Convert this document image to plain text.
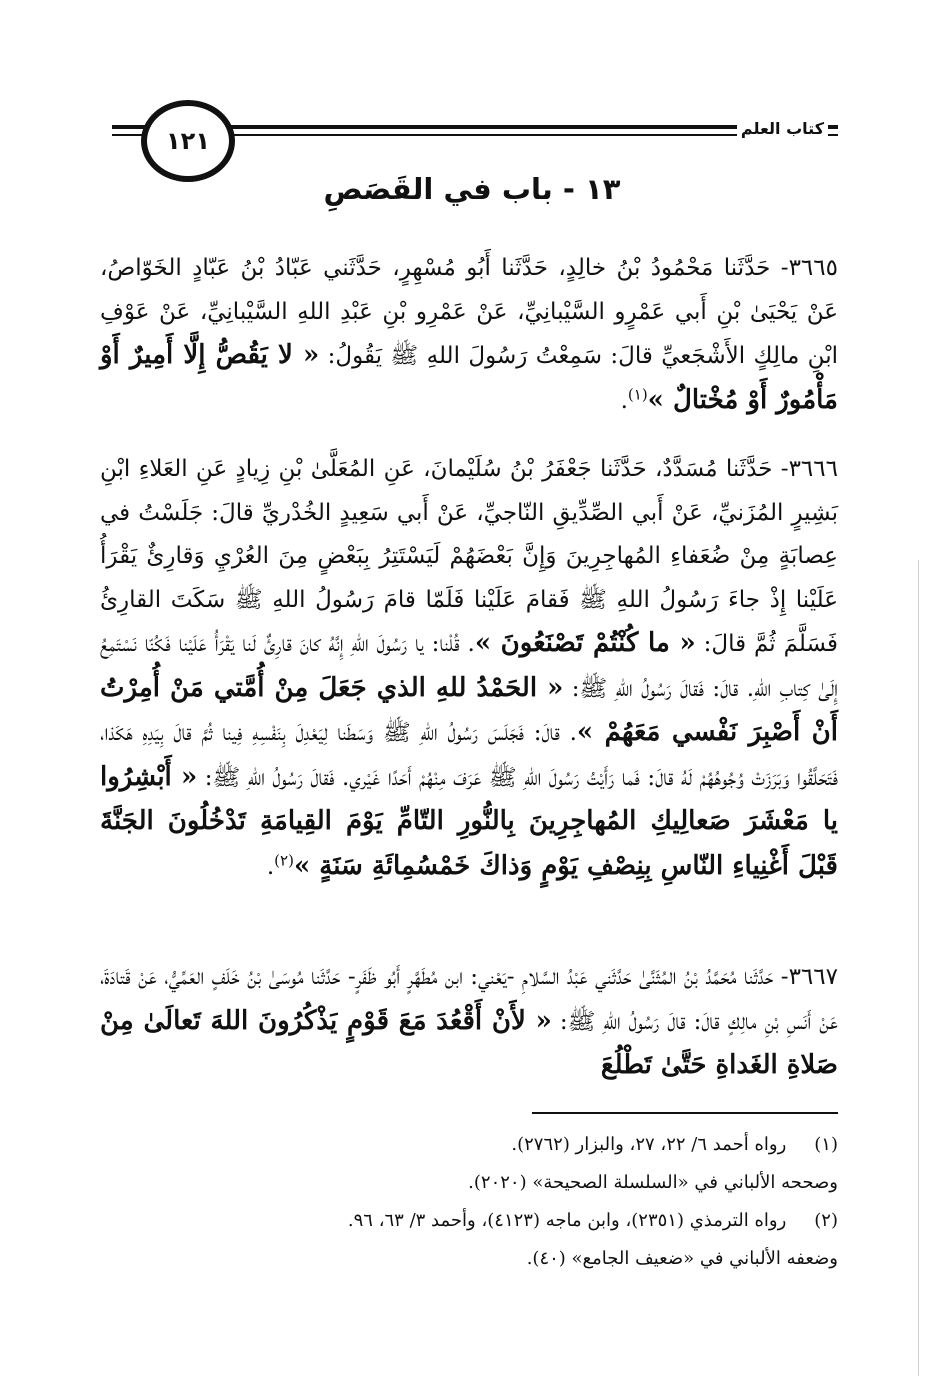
١٢١	كتاب العلم
١٣ - باب في القَصَصِ
٣٦٦٥- حَدَّثَنا مَحْمُودُ بْنُ خالِدٍ، حَدَّثَنا أَبُو مُسْهِرٍ، حَدَّثَني عَبّادُ بْنُ عَبّادٍ الخَوّاصُ، عَنْ يَحْيَىٰ بْنِ أَبي عَمْرٍو السَّيْبانِيِّ، عَنْ عَمْرِو بْنِ عَبْدِ اللهِ السَّيْبانِيِّ، عَنْ عَوْفِ ابْنِ مالِكٍ الأَشْجَعيِّ قالَ: سَمِعْتُ رَسُولَ اللهِ ﷺ يَقُولُ: « لا يَقُصُّ إِلَّا أَمِيرٌ أَوْ مَأْمُورٌ أَوْ مُخْتالٌ »$^{(١)}$.
٣٦٦٦- حَدَّثَنا مُسَدَّدٌ، حَدَّثَنا جَعْفَرُ بْنُ سُلَيْمانَ، عَنِ المُعَلَّىٰ بْنِ زِيادٍ عَنِ العَلاءِ ابْنِ بَشِيرٍ المُزَنيِّ، عَنْ أَبي الصِّدِّيقِ النّاجيِّ، عَنْ أَبي سَعِيدٍ الخُدْريِّ قالَ: جَلَسْتُ في عِصابَةٍ مِنْ ضُعَفاءِ المُهاجِرِينَ وَإِنَّ بَعْضَهُمْ لَيَسْتَتِرُ بِبَعْضٍ مِنَ العُرْيِ وَقارِئٌ يَقْرَأُ عَلَيْنا إِذْ جاءَ رَسُولُ اللهِ ﷺ فَقامَ عَلَيْنا فَلَمّا قامَ رَسُولُ اللهِ ﷺ سَكَتَ القارِئُ فَسَلَّمَ ثُمَّ قالَ: « ما كُنْتُمْ تَصْنَعُونَ ». قُلْنا: يا رَسُولَ اللهِ إِنَّهُ كانَ قارِئٌ لَنا يَقْرَأُ عَلَيْنا فَكُنّا نَسْتَمِعُ إِلَىٰ كِتابِ اللهِ. قالَ: فَقالَ رَسُولُ اللهِ ﷺ: « الحَمْدُ للهِ الذي جَعَلَ مِنْ أُمَّتي مَنْ أُمِرْتُ أَنْ أَصْبِرَ نَفْسي مَعَهُمْ ». قالَ: فَجَلَسَ رَسُولُ اللهِ ﷺ وَسَطَنا لِيَعْدِلَ بِنَفْسِهِ فِينا ثُمَّ قالَ بِيَدِهِ هَكَذا، فَتَحَلَّقُوا وَبَرَزَتْ وُجُوهُهُمْ لَهُ قالَ: فَما رَأَيْتُ رَسُولَ اللهِ ﷺ عَرَفَ مِنْهُمْ أَحَدًا غَيْري. فَقالَ رَسُولُ اللهِ ﷺ: « أَبْشِرُوا يا مَعْشَرَ صَعالِيكِ المُهاجِرِينَ بِالنُّورِ التّامِّ يَوْمَ القِيامَةِ تَدْخُلُونَ الجَنَّةَ قَبْلَ أَغْنِياءِ النّاسِ بِنِصْفِ يَوْمٍ وَذاكَ خَمْسُمِائَةِ سَنَةٍ »$^{(٢)}$.
٣٦٦٧- حَدَّثَنا مُحَمَّدُ بْنُ المُثَنَّىٰ حَدَّثَني عَبْدُ السَّلامِ -يَعْني: ابن مُطَهَّرٍ أَبُو ظَفَرٍ- حَدَّثَنا مُوسَىٰ بْنُ خَلَفٍ العَمِّيُّ، عَنْ قَتادَةَ، عَنْ أَنَسِ بْنِ مالِكٍ قالَ: قالَ رَسُولُ اللهِ ﷺ: « لأَنْ أَقْعُدَ مَعَ قَوْمٍ يَذْكُرُونَ اللهَ تَعالَىٰ مِنْ صَلاةِ الغَداةِ حَتَّىٰ تَطْلُعَ
(١) رواه أحمد ٦/ ٢٢، ٢٧، والبزار (٢٧٦٢).
وصححه الألباني في «السلسلة الصحيحة» (٢٠٢٠).
(٢) رواه الترمذي (٢٣٥١)، وابن ماجه (٤١٢٣)، وأحمد ٣/ ٦٣، ٩٦.
وضعفه الألباني في «ضعيف الجامع» (٤٠).
